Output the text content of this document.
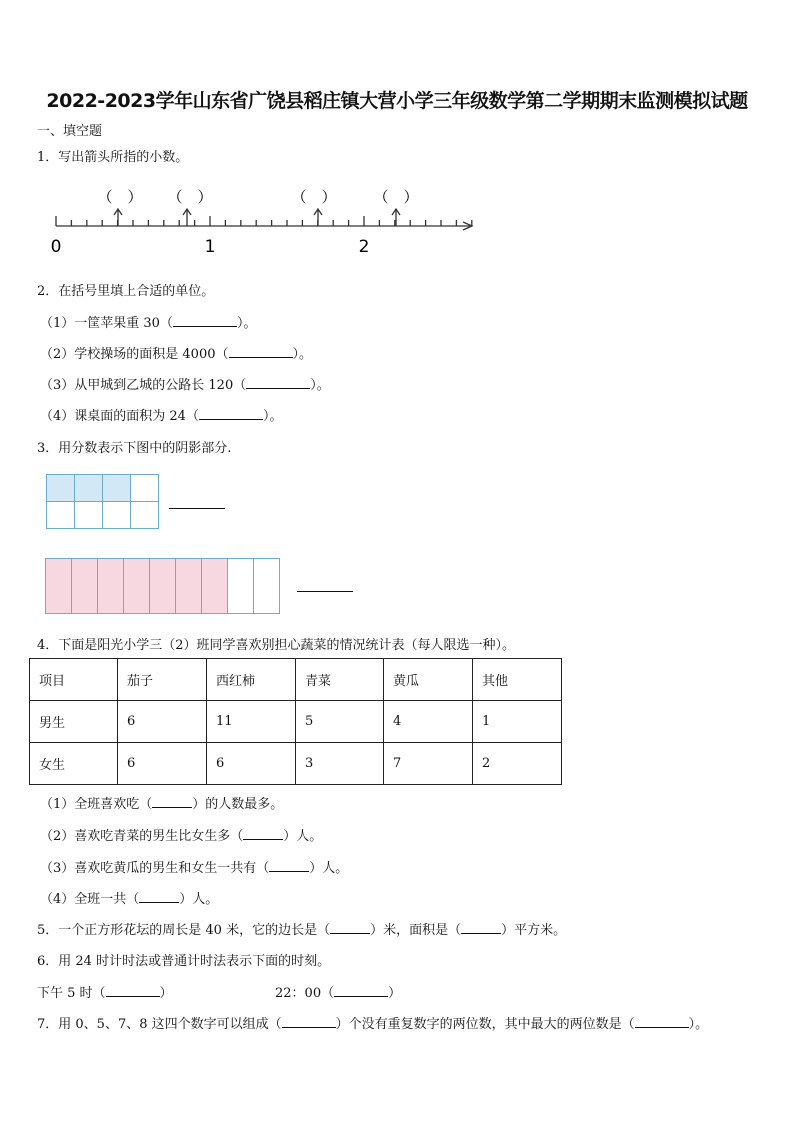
2022-2023学年山东省广饶县稻庄镇大营小学三年级数学第二学期期末监测模拟试题
一、填空题
1．写出箭头所指的小数。
（　） （　）	（　） （　）
0	1	2
2．在括号里填上合适的单位。
（1）一筐苹果重 30（	）。
（2）学校操场的面积是 4000（	）。
（3）从甲城到乙城的公路长 120（	）。
（4）课桌面的面积为 24（	）。
3．用分数表示下图中的阴影部分.

4．下面是阳光小学三（2）班同学喜欢别担心蔬菜的情况统计表（每人限选一种）。
项目	茄子	西红柿	青菜	黄瓜	其他
男生	6	11	5	4	1
女生	6	6	3	7	2
（1）全班喜欢吃（	）的人数最多。
（2）喜欢吃青菜的男生比女生多（	）人。
（3）喜欢吃黄瓜的男生和女生一共有（	）人。
（4）全班一共（	）人。
5．一个正方形花坛的周长是 40 米，它的边长是（	）米，面积是（	）平方米。
6．用 24 时计时法或普通计时法表示下面的时刻。
下午 5 时（	）	22：00（	）
7．用 0、5、7、8 这四个数字可以组成（	）个没有重复数字的两位数，其中最大的两位数是（	）。
